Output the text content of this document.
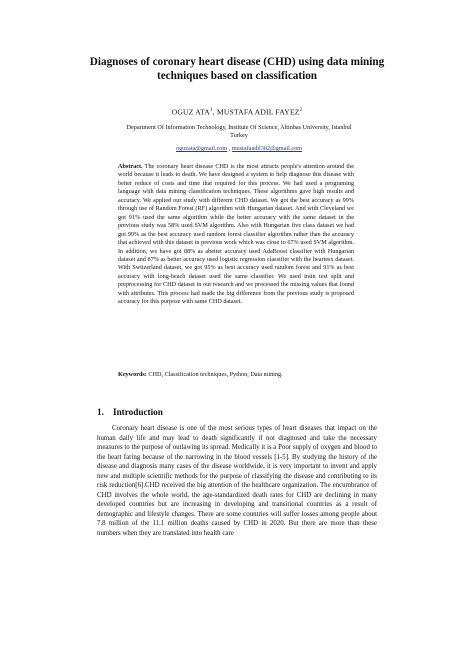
Diagnoses of coronary heart disease (CHD) using data mining techniques based on classification
OGUZ ATA$^1$, MUSTAFA ADIL FAYEZ$^2$
Department Of Information Technology, Institute Of Science, Altinbas University, Istanbul
Turkey
oguzata@gmail.com , mustafaadil302@gmail.com
Abstract. The coronary heart disease CHD is the most attracts people's attention around the world because it leads to death. We have designed a system to help diagnose this disease with better reduce of costs and time that required for this process. We had used a programing language with data mining classification techniques. These algorithms gave high results and accuracy. We applied our study with different CHD dataset. We got the best accuracy as 99% through use of Random Forest (RF) algorithm with Hungarian dataset. And with Cleveland we got 91% used the same algorithm while the better accuracy with the same dataset in the previous study was 58% used SVM algorithm. Also with Hungarian five class dataset we had got 99% as the best accuracy used random forest classifier algorithm rather than the accuracy that achieved with this dataset in previous work which was close to 67% used SVM algorithm. In addition, we have got 88% as abetter accuracy used AdaBoost classifier with Hungarian dataset and 87% as better accuracy used logistic regression classifier with the heartesx dataset. With Switzerland dataset, we got 95% as best accuracy used random forest and 91% as best accuracy with long-beach dataset used the same classifier. We used train test split and preprocessing for CHD dataset in our research and we processed the missing values that found with attributes. This process had made the big difference from the previous study is proposed accuracy for this purpose with same CHD dataset.
Keywords: CHD, Classification techniques, Python, Data mining.
1. Introduction
Coronary heart disease is one of the most serious types of heart diseases that impact on the human daily life and may lead to death significantly if not diagnosed and take the necessary measures to the purpose of outlawing its spread. Medically it is a Poor supply of oxygen and blood to the heart faring because of the narrowing in the blood vessels [1-5]. By studying the history of the disease and diagnosis many cases of the disease worldwide, it is very important to invent and apply new and multiple scientific methods for the purpose of classifying the disease and contributing to its risk reduction[6].CHD received the big attention of the healthcare organization. The encumbrance of CHD involves the whole world, the age-standardized death rates for CHD are declining in many developed countries but are increasing in developing and transitional countries as a result of demographic and lifestyle changes. There are some countries will suffer losses among people about 7.8 million of the 11.1 million deaths caused by CHD in 2020. But there are more than these numbers when they are translated into health care
